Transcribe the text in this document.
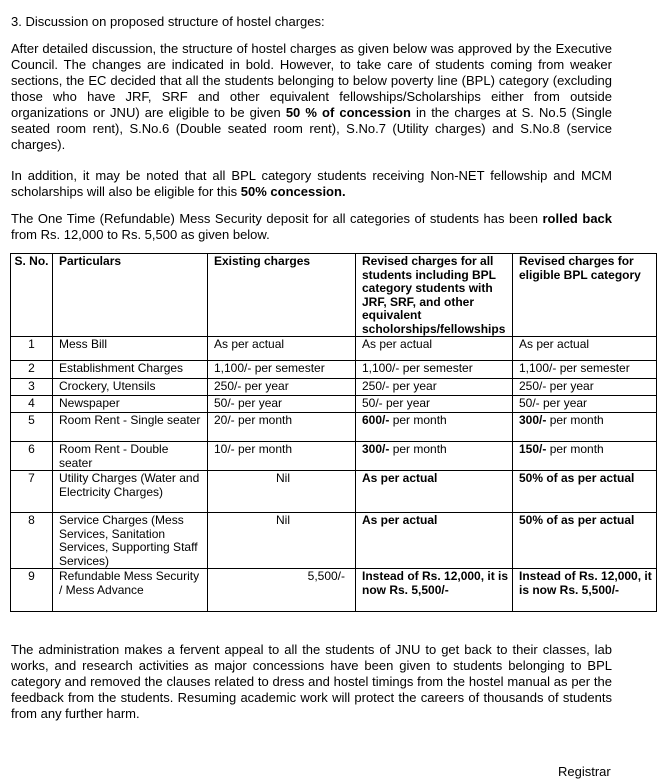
3. Discussion on proposed structure of hostel charges:
After detailed discussion, the structure of hostel charges as given below was approved by the Executive Council. The changes are indicated in bold. However, to take care of students coming from weaker sections, the EC decided that all the students belonging to below poverty line (BPL) category (excluding those who have JRF, SRF and other equivalent fellowships/Scholarships either from outside organizations or JNU) are eligible to be given 50 % of concession in the charges at S. No.5 (Single seated room rent), S.No.6 (Double seated room rent), S.No.7 (Utility charges) and S.No.8 (service charges).
In addition, it may be noted that all BPL category students receiving Non-NET fellowship and MCM scholarships will also be eligible for this 50% concession.
The One Time (Refundable) Mess Security deposit for all categories of students has been rolled back from Rs. 12,000 to Rs. 5,500 as given below.
S. No.	Particulars	Existing charges	Revised charges for all students including BPL category students with JRF, SRF, and other equivalent scholorships/fellowships	Revised charges for eligible BPL category
1	Mess Bill	As per actual	As per actual	As per actual
2	Establishment Charges	1,100/- per semester	1,100/- per semester	1,100/- per semester
3	Crockery, Utensils	250/- per year	250/- per year	250/- per year
4	Newspaper	50/- per year	50/- per year	50/- per year
5	Room Rent - Single seater	20/- per month	600/- per month	300/- per month
6	Room Rent - Double seater	10/- per month	300/- per month	150/- per month
7	Utility Charges (Water and Electricity Charges)	Nil	As per actual	50% of as per actual
8	Service Charges (Mess Services, Sanitation Services, Supporting Staff Services)	Nil	As per actual	50% of as per actual
9	Refundable Mess Security / Mess Advance	5,500/-	Instead of Rs. 12,000, it is now Rs. 5,500/-	Instead of Rs. 12,000, it is now Rs. 5,500/-
The administration makes a fervent appeal to all the students of JNU to get back to their classes, lab works, and research activities as major concessions have been given to students belonging to BPL category and removed the clauses related to dress and hostel timings from the hostel manual as per the feedback from the students. Resuming academic work will protect the careers of thousands of students from any further harm.
Registrar
